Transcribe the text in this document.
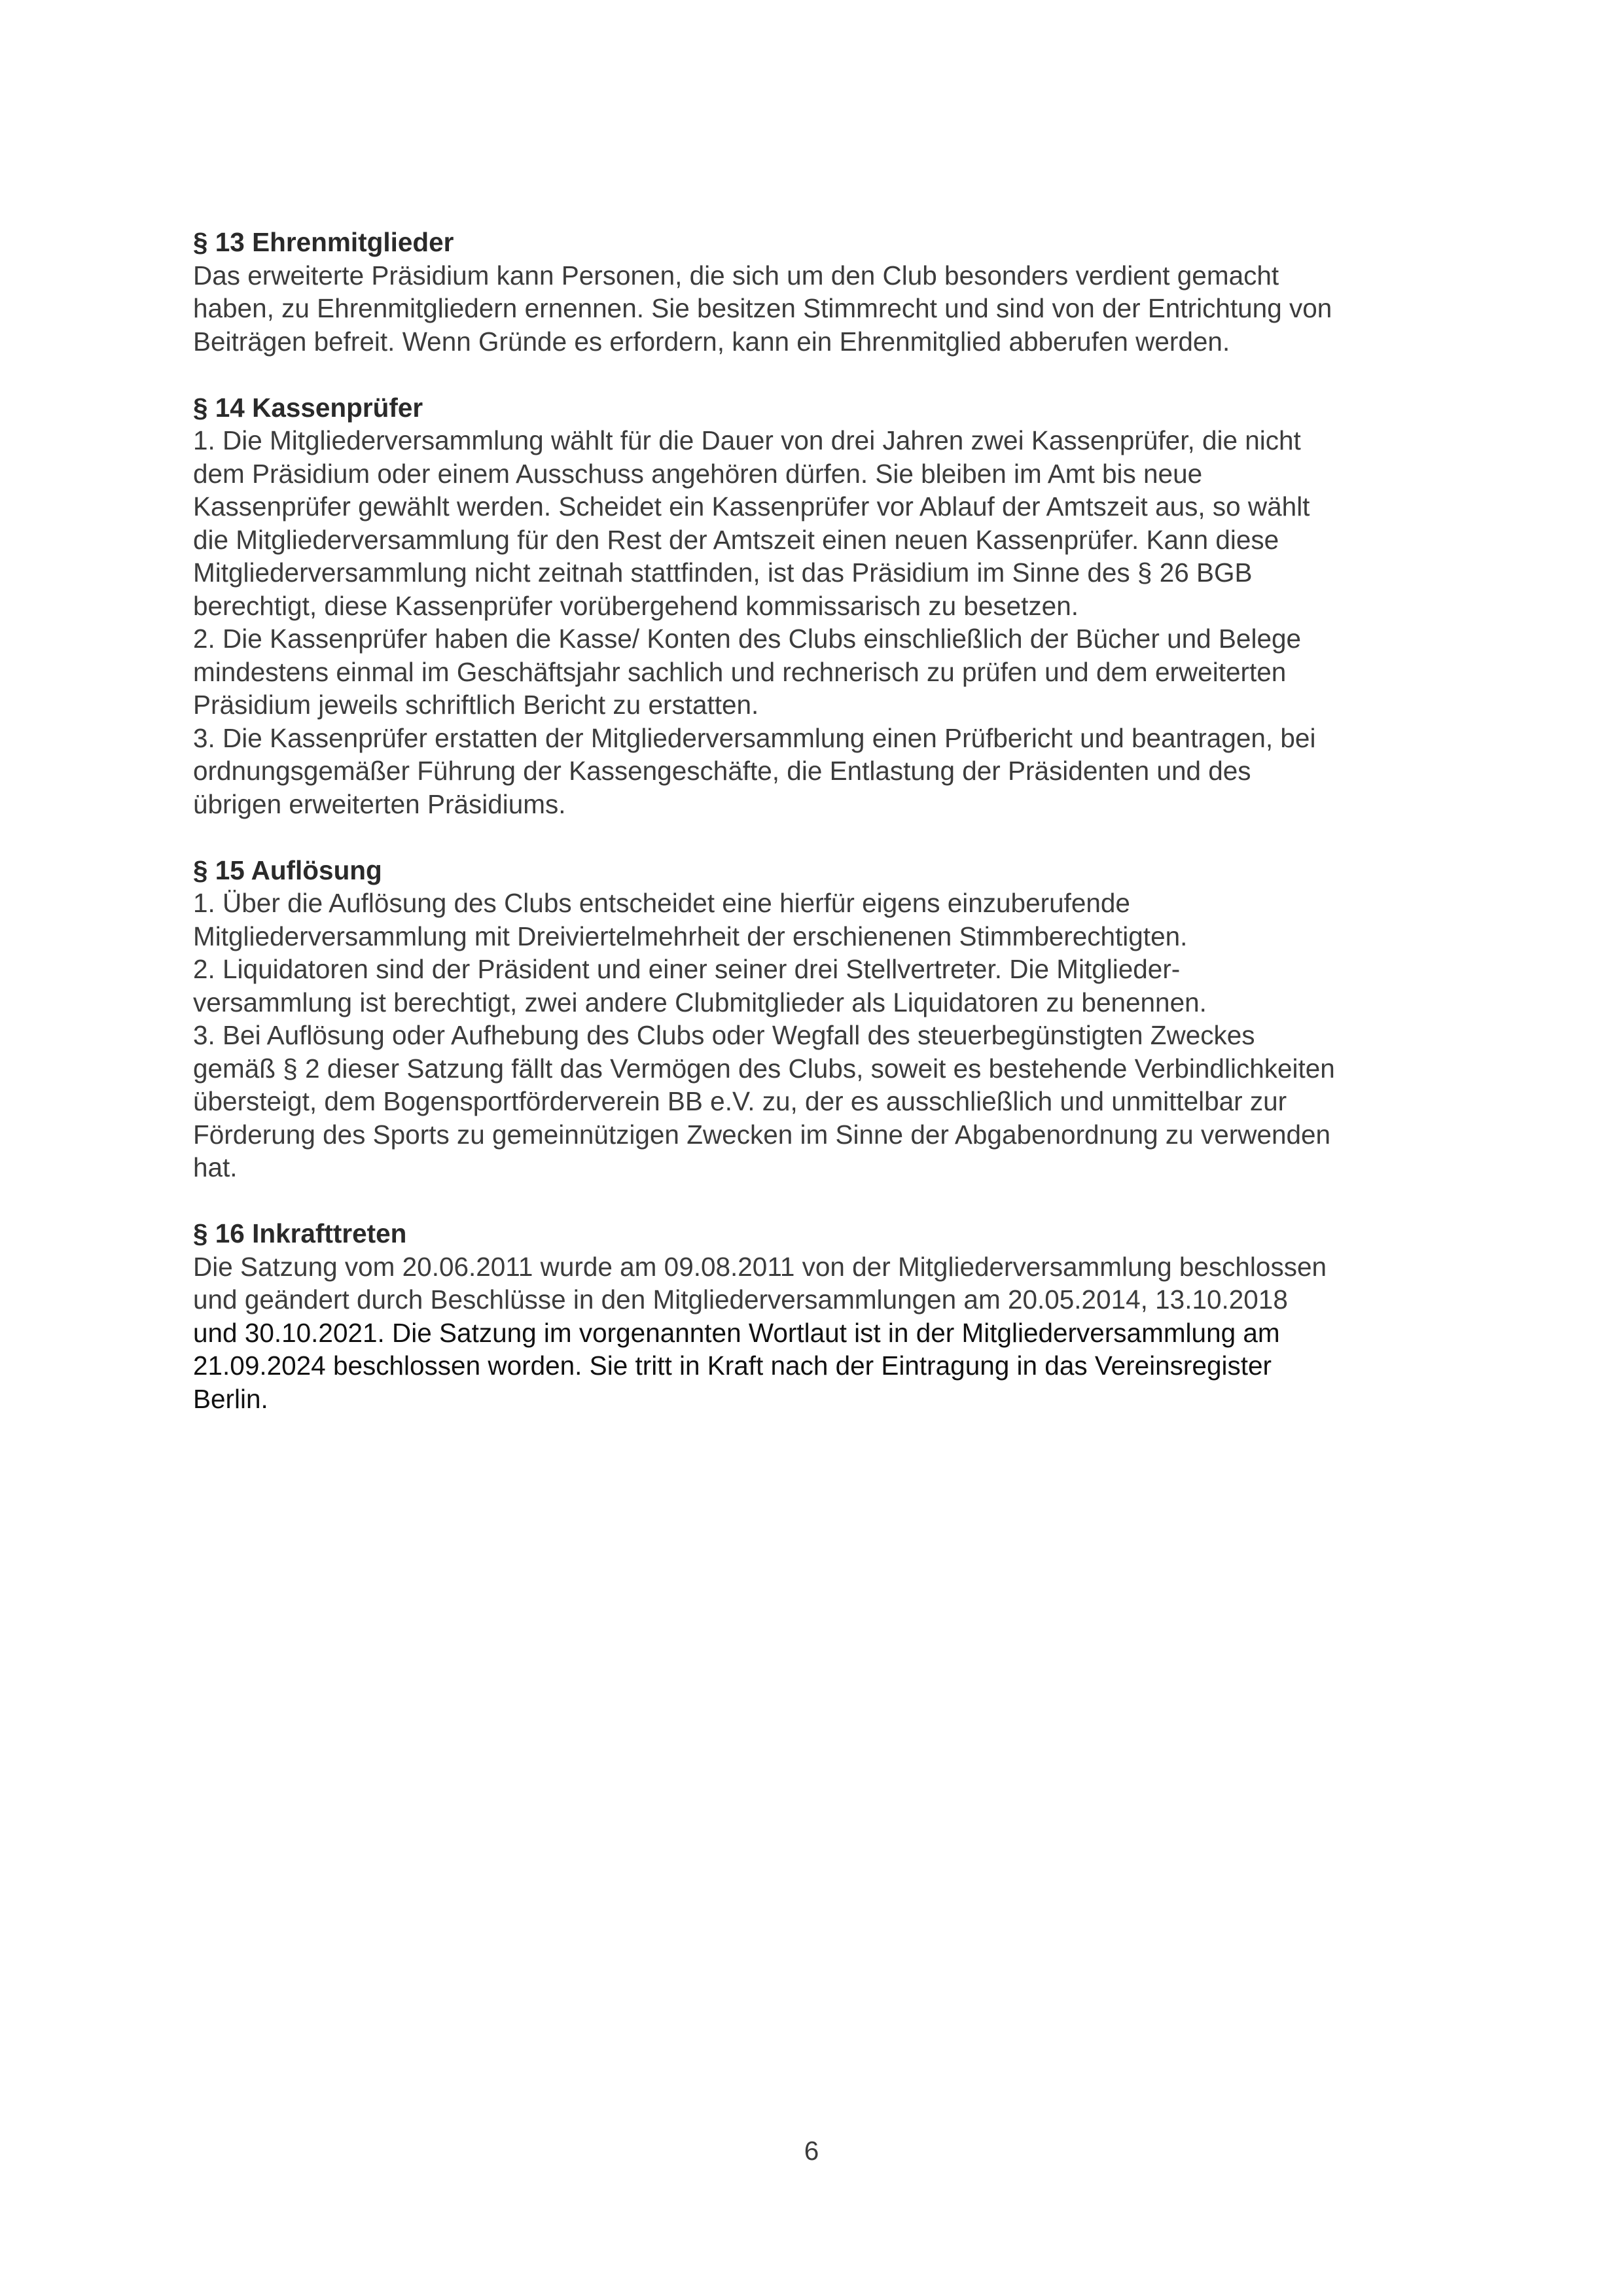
§ 13 Ehrenmitglieder

Das erweiterte Präsidium kann Personen, die sich um den Club besonders verdient gemacht

haben, zu Ehrenmitgliedern ernennen. Sie besitzen Stimmrecht und sind von der Entrichtung von

Beiträgen befreit. Wenn Gründe es erfordern, kann ein Ehrenmitglied abberufen werden.

§ 14 Kassenprüfer

1. Die Mitgliederversammlung wählt für die Dauer von drei Jahren zwei Kassenprüfer, die nicht

dem Präsidium oder einem Ausschuss angehören dürfen. Sie bleiben im Amt bis neue

Kassenprüfer gewählt werden. Scheidet ein Kassenprüfer vor Ablauf der Amtszeit aus, so wählt

die Mitgliederversammlung für den Rest der Amtszeit einen neuen Kassenprüfer. Kann diese

Mitgliederversammlung nicht zeitnah stattfinden, ist das Präsidium im Sinne des § 26 BGB

berechtigt, diese Kassenprüfer vorübergehend kommissarisch zu besetzen.

2. Die Kassenprüfer haben die Kasse/ Konten des Clubs einschließlich der Bücher und Belege

mindestens einmal im Geschäftsjahr sachlich und rechnerisch zu prüfen und dem erweiterten

Präsidium jeweils schriftlich Bericht zu erstatten.

3. Die Kassenprüfer erstatten der Mitgliederversammlung einen Prüfbericht und beantragen, bei

ordnungsgemäßer Führung der Kassengeschäfte, die Entlastung der Präsidenten und des

übrigen erweiterten Präsidiums.

§ 15 Auflösung

1. Über die Auflösung des Clubs entscheidet eine hierfür eigens einzuberufende

Mitgliederversammlung mit Dreiviertelmehrheit der erschienenen Stimmberechtigten.

2. Liquidatoren sind der Präsident und einer seiner drei Stellvertreter. Die Mitglieder-

versammlung ist berechtigt, zwei andere Clubmitglieder als Liquidatoren zu benennen.

3. Bei Auflösung oder Aufhebung des Clubs oder Wegfall des steuerbegünstigten Zweckes

gemäß § 2 dieser Satzung fällt das Vermögen des Clubs, soweit es bestehende Verbindlichkeiten

übersteigt, dem Bogensportförderverein BB e.V. zu, der es ausschließlich und unmittelbar zur

Förderung des Sports zu gemeinnützigen Zwecken im Sinne der Abgabenordnung zu verwenden

hat.

§ 16 Inkrafttreten

Die Satzung vom 20.06.2011 wurde am 09.08.2011 von der Mitgliederversammlung beschlossen

und geändert durch Beschlüsse in den Mitgliederversammlungen am 20.05.2014, 13.10.2018

und 30.10.2021. Die Satzung im vorgenannten Wortlaut ist in der Mitgliederversammlung am

21.09.2024 beschlossen worden. Sie tritt in Kraft nach der Eintragung in das Vereinsregister

Berlin.

6
